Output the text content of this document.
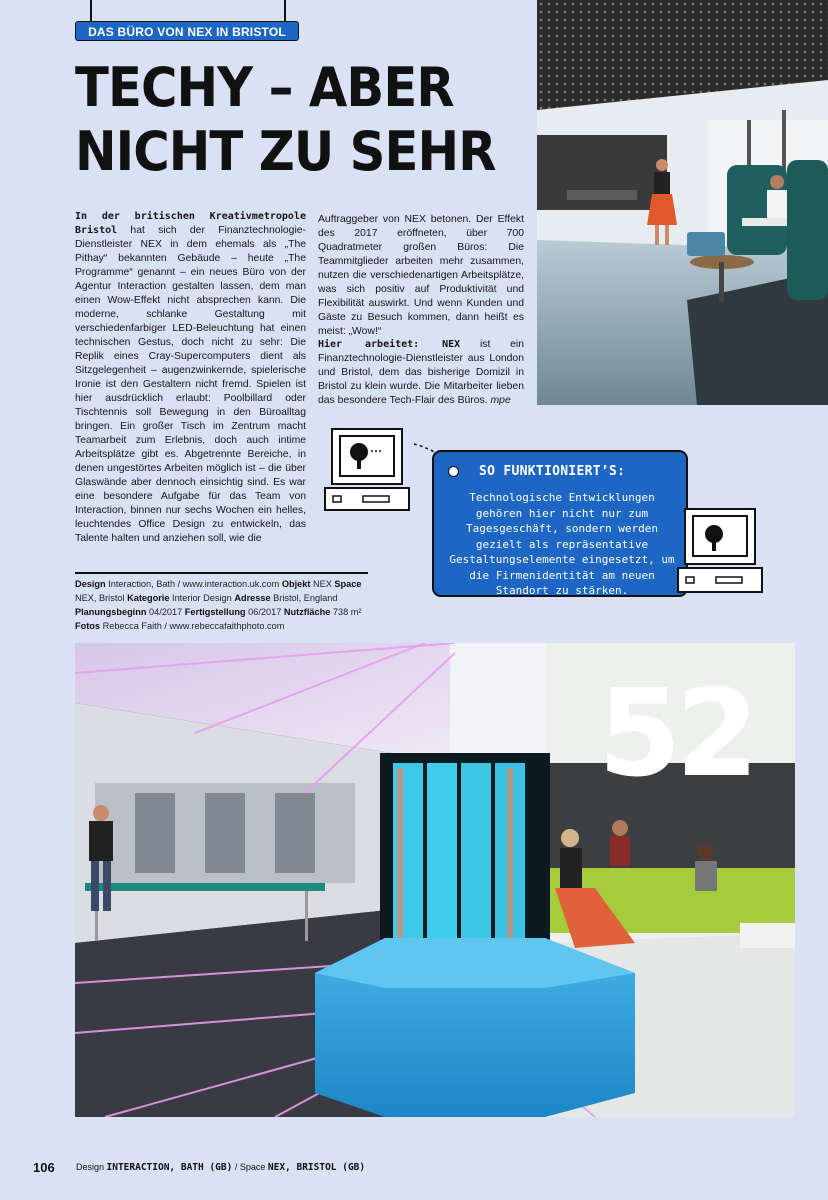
DAS BÜRO VON NEX IN BRISTOL
TECHY – ABER
NICHT ZU SEHR

In der britischen Kreativmetropole Bristol hat sich der Finanztechnologie-Dienstleister NEX in dem ehemals als „The Pithay“ bekannten Gebäude – heute „The Programme“ genannt – ein neues Büro von der Agentur Interaction gestalten lassen, dem man einen Wow-Effekt nicht absprechen kann. Die moderne, schlanke Gestaltung mit verschiedenfarbiger LED-Beleuchtung hat einen technischen Gestus, doch nicht zu sehr: Die Replik eines Cray-Supercomputers dient als Sitzgelegenheit – augenzwinkernde, spielerische Ironie ist den Gestaltern nicht fremd. Spielen ist hier ausdrücklich erlaubt: Poolbillard oder Tischtennis soll Bewegung in den Büroalltag bringen. Ein großer Tisch im Zentrum macht Teamarbeit zum Erlebnis, doch auch intime Arbeitsplätze gibt es. Abgetrennte Bereiche, in denen ungestörtes Arbeiten möglich ist – die über Glaswände aber dennoch einsichtig sind. Es war eine besondere Aufgabe für das Team von Interaction, binnen nur sechs Wochen ein helles, leuchtendes Office Design zu entwickeln, das Talente halten und anziehen soll, wie die

Auftraggeber von NEX betonen. Der Effekt des 2017 eröffneten, über 700 Quadratmeter großen Büros: Die Teammitglieder arbeiten mehr zusammen, nutzen die verschiedenartigen Arbeitsplätze, was sich positiv auf Produktivität und Flexibilität auswirkt. Und wenn Kunden und Gäste zu Besuch kommen, dann heißt es meist: „Wow!“

Hier arbeitet: NEX ist ein Finanztechnologie-Dienstleister aus London und Bristol, dem das bisherige Domizil in Bristol zu klein wurde. Die Mitarbeiter lieben das besondere Tech-Flair des Büros. mpe

Design Interaction, Bath / www.interaction.uk.com Objekt NEX Space NEX, Bristol Kategorie Interior Design Adresse Bristol, England Planungsbeginn 04/2017 Fertigstellung 06/2017 Nutzfläche 738 m²
Fotos Rebecca Faith / www.rebeccafaithphoto.com

SO FUNKTIONIERT’S:

Technologische Entwicklungen gehören hier nicht nur zum Tagesgeschäft, sondern werden gezielt als repräsentative Gestaltungselemente eingesetzt, um die Firmenidentität am neuen Standort zu stärken.

52
106 Design INTERACTION, BATH (GB) / Space NEX, BRISTOL (GB)
